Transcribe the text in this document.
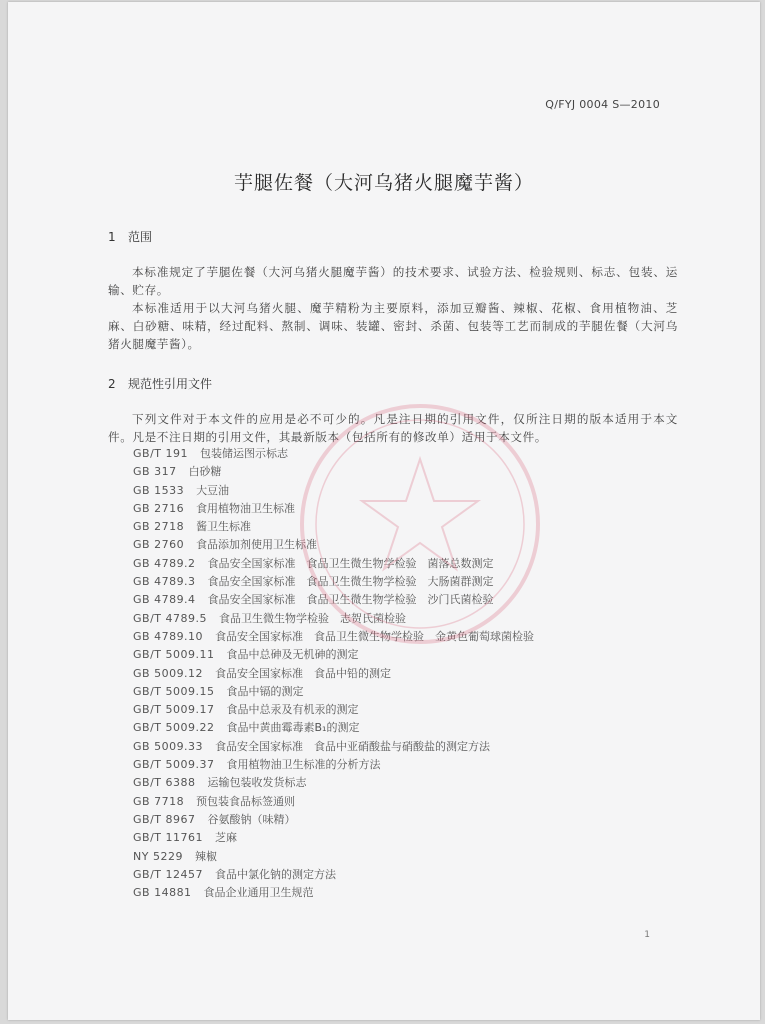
Q/FYJ 0004 S—2010
芋腿佐餐（大河乌猪火腿魔芋酱）
1 范围

本标准规定了芋腿佐餐（大河乌猪火腿魔芋酱）的技术要求、试验方法、检验规则、标志、包装、运输、贮存。

本标准适用于以大河乌猪火腿、魔芋精粉为主要原料，添加豆瓣酱、辣椒、花椒、食用植物油、芝麻、白砂糖、味精，经过配料、熬制、调味、装罐、密封、杀菌、包装等工艺而制成的芋腿佐餐（大河乌猪火腿魔芋酱）。

2 规范性引用文件

下列文件对于本文件的应用是必不可少的。凡是注日期的引用文件，仅所注日期的版本适用于本文件。凡是不注日期的引用文件，其最新版本（包括所有的修改单）适用于本文件。

GB/T 191 包装储运图示标志
GB 317 白砂糖
GB 1533 大豆油
GB 2716 食用植物油卫生标准
GB 2718 酱卫生标准
GB 2760 食品添加剂使用卫生标准
GB 4789.2 食品安全国家标准　食品卫生微生物学检验　菌落总数测定
GB 4789.3 食品安全国家标准　食品卫生微生物学检验　大肠菌群测定
GB 4789.4 食品安全国家标准　食品卫生微生物学检验　沙门氏菌检验
GB/T 4789.5 食品卫生微生物学检验　志贺氏菌检验
GB 4789.10 食品安全国家标准　食品卫生微生物学检验　金黄色葡萄球菌检验
GB/T 5009.11 食品中总砷及无机砷的测定
GB 5009.12 食品安全国家标准　食品中铅的测定
GB/T 5009.15 食品中镉的测定
GB/T 5009.17 食品中总汞及有机汞的测定
GB/T 5009.22 食品中黄曲霉毒素B₁的测定
GB 5009.33 食品安全国家标准　食品中亚硝酸盐与硝酸盐的测定方法
GB/T 5009.37 食用植物油卫生标准的分析方法
GB/T 6388 运输包装收发货标志
GB 7718 预包装食品标签通则
GB/T 8967 谷氨酸钠（味精）
GB/T 11761 芝麻
NY 5229 辣椒
GB/T 12457 食品中氯化钠的测定方法
GB 14881 食品企业通用卫生规范
1
